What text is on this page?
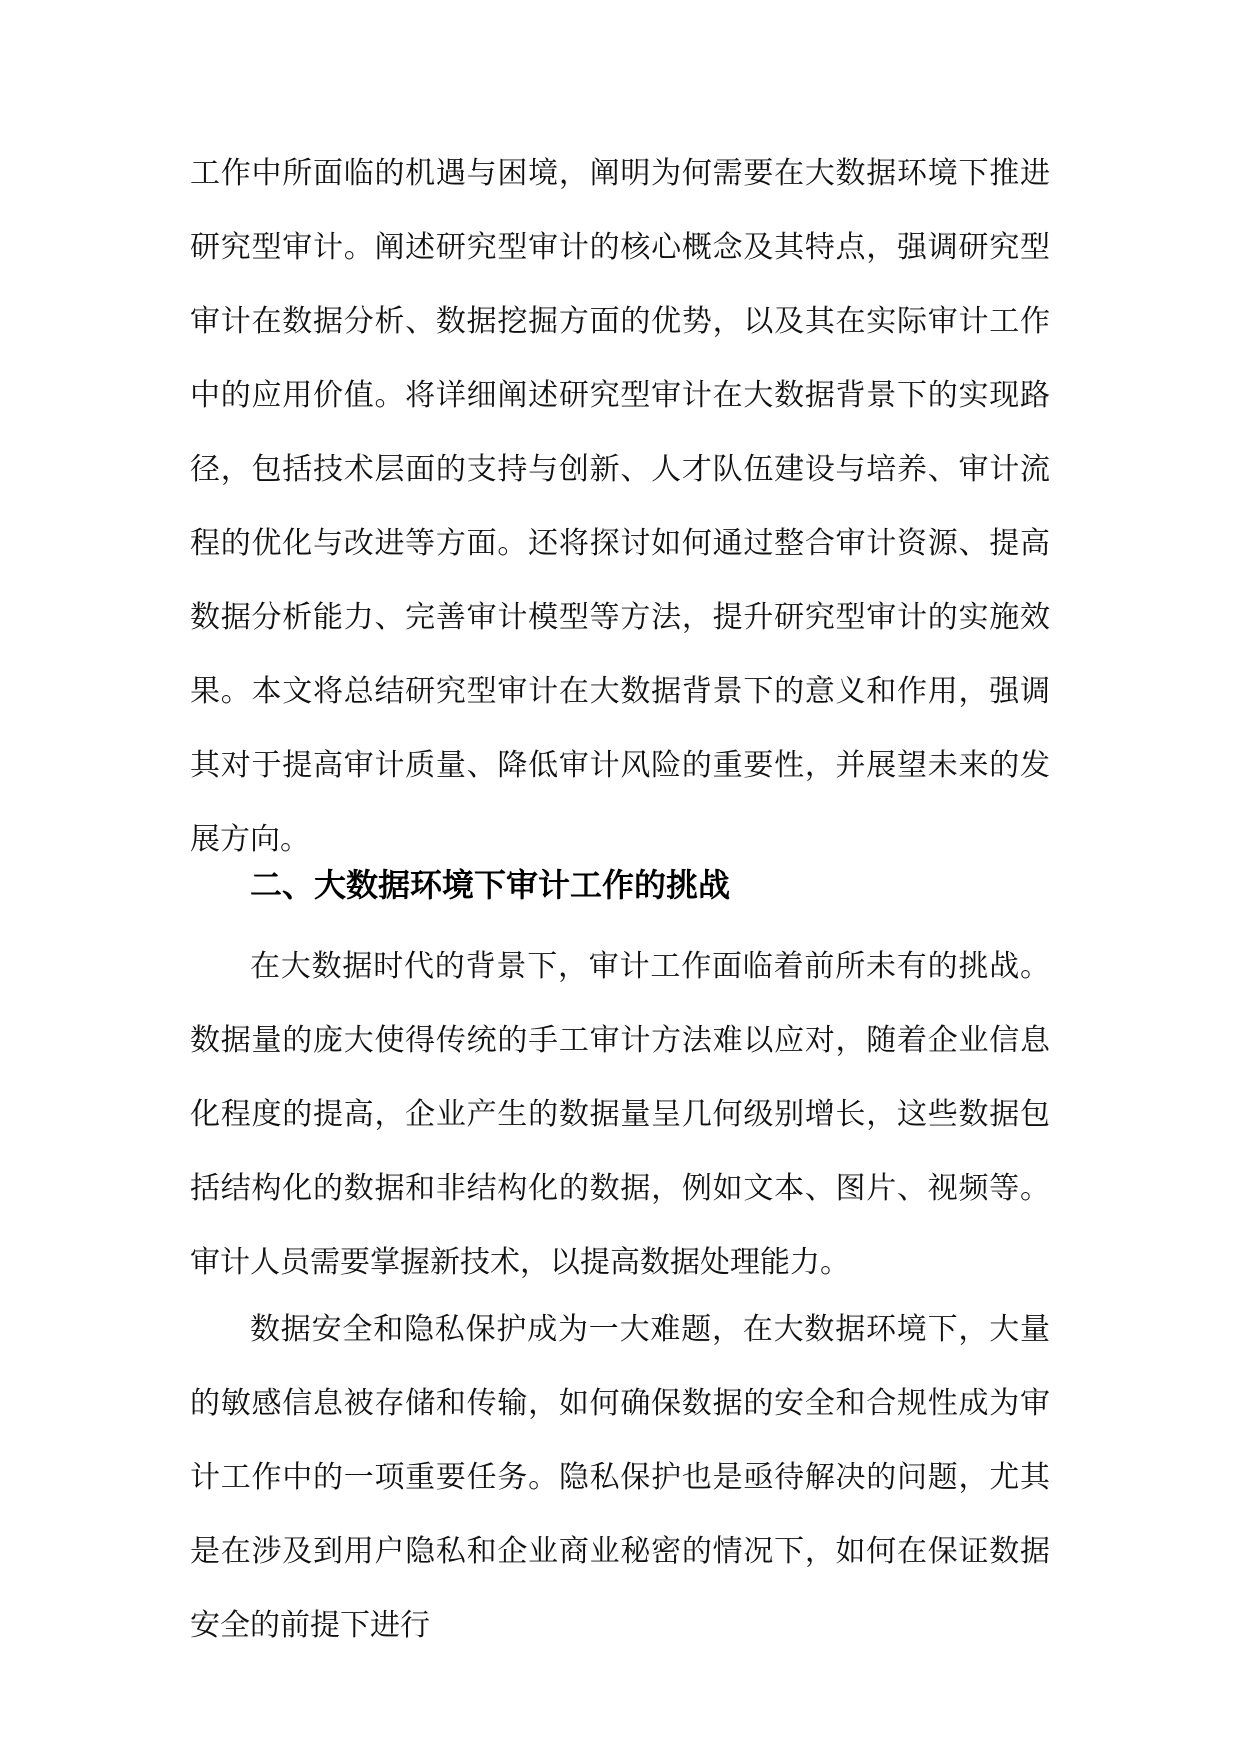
工作中所面临的机遇与困境，阐明为何需要在大数据环境下推进研究型审计。阐述研究型审计的核心概念及其特点，强调研究型审计在数据分析、数据挖掘方面的优势，以及其在实际审计工作中的应用价值。将详细阐述研究型审计在大数据背景下的实现路径，包括技术层面的支持与创新、人才队伍建设与培养、审计流程的优化与改进等方面。还将探讨如何通过整合审计资源、提高数据分析能力、完善审计模型等方法，提升研究型审计的实施效果。本文将总结研究型审计在大数据背景下的意义和作用，强调其对于提高审计质量、降低审计风险的重要性，并展望未来的发展方向。

二、大数据环境下审计工作的挑战

在大数据时代的背景下，审计工作面临着前所未有的挑战。数据量的庞大使得传统的手工审计方法难以应对，随着企业信息化程度的提高，企业产生的数据量呈几何级别增长，这些数据包括结构化的数据和非结构化的数据，例如文本、图片、视频等。审计人员需要掌握新技术，以提高数据处理能力。

数据安全和隐私保护成为一大难题，在大数据环境下，大量的敏感信息被存储和传输，如何确保数据的安全和合规性成为审计工作中的一项重要任务。隐私保护也是亟待解决的问题，尤其是在涉及到用户隐私和企业商业秘密的情况下，如何在保证数据安全的前提下进行
